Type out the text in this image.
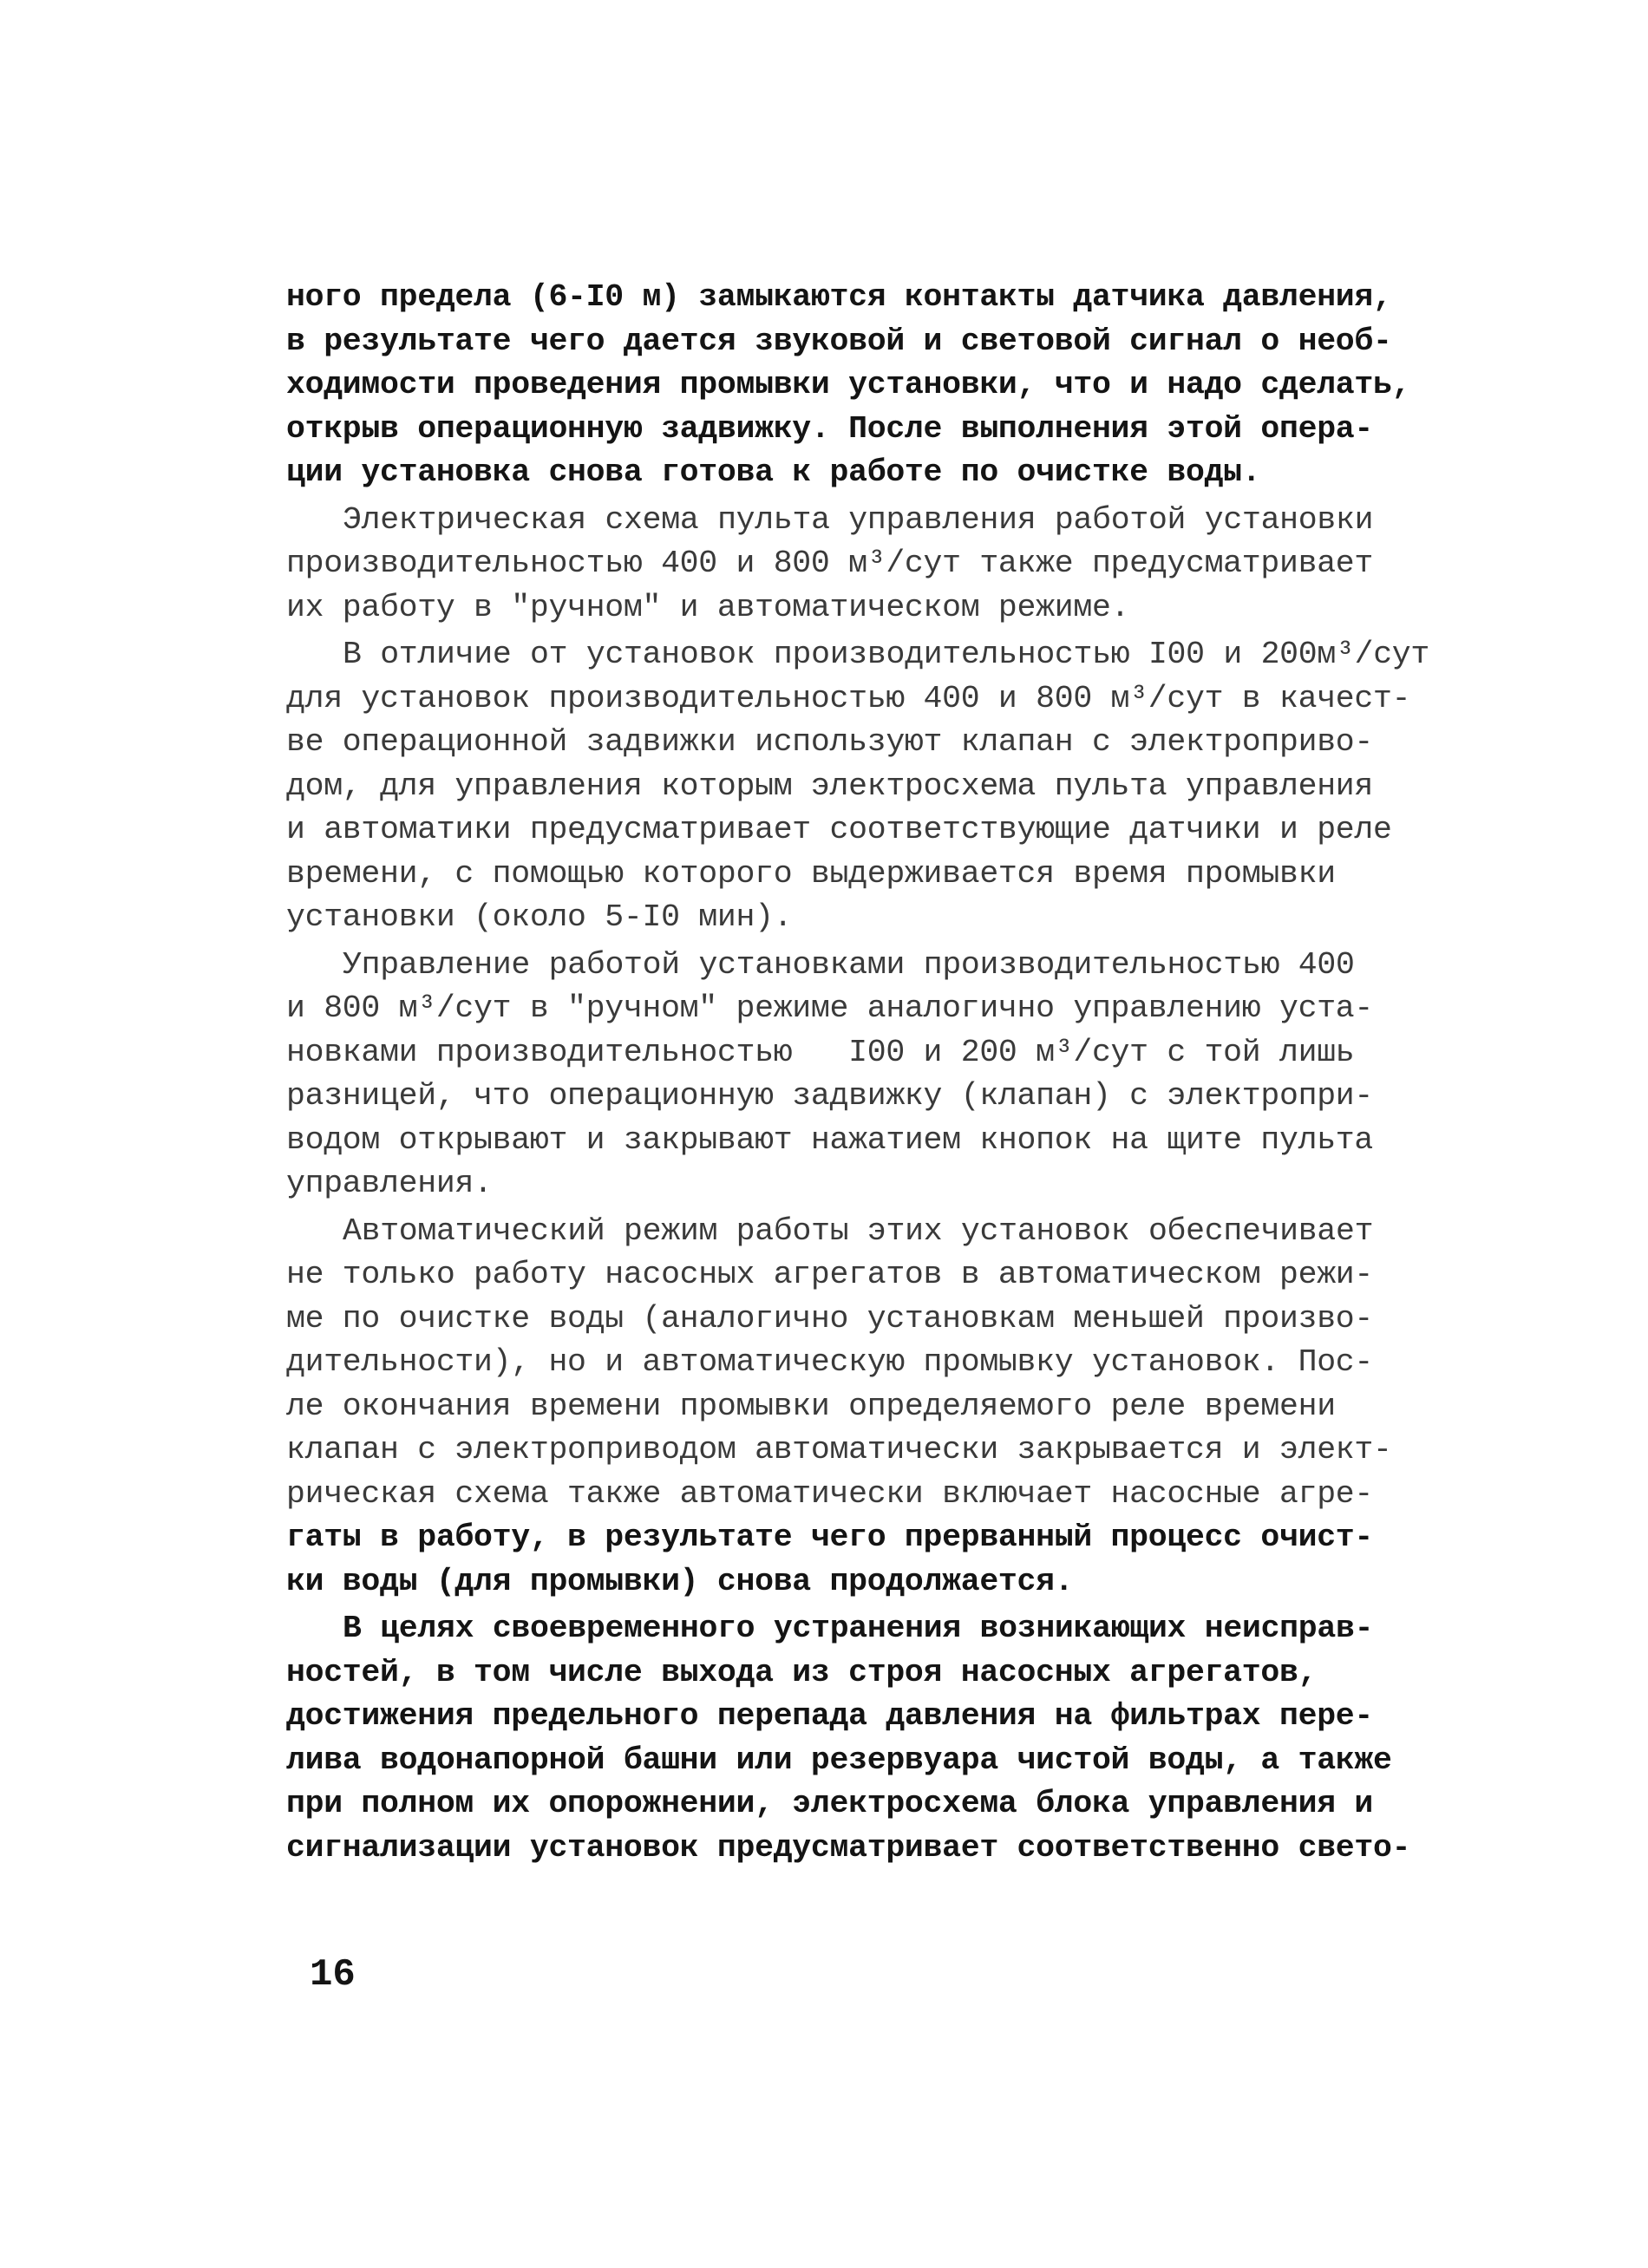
ного предела (6-I0 м) замыкаются контакты датчика давления,
в результате чего дается звуковой и световой сигнал о необ-
ходимости проведения промывки установки, что и надо сделать,
открыв операционную задвижку. После выполнения этой опера-
ции установка снова готова к работе по очистке воды.
Электрическая схема пульта управления работой установки
производительностью 400 и 800 м³/сут также предусматривает
их работу в "ручном" и автоматическом режиме.
В отличие от установок производительностью I00 и 200м³/сут
для установок производительностью 400 и 800 м³/сут в качест-
ве операционной задвижки используют клапан с электроприво-
дом, для управления которым электросхема пульта управления
и автоматики предусматривает соответствующие датчики и реле
времени, с помощью которого выдерживается время промывки
установки (около 5-I0 мин).
Управление работой установками производительностью 400
и 800 м³/сут в "ручном" режиме аналогично управлению уста-
новками производительностью   I00 и 200 м³/сут с той лишь
разницей, что операционную задвижку (клапан) с электропри-
водом открывают и закрывают нажатием кнопок на щите пульта
управления.
Автоматический режим работы этих установок обеспечивает
не только работу насосных агрегатов в автоматическом режи-
ме по очистке воды (аналогично установкам меньшей произво-
дительности), но и автоматическую промывку установок. Пос-
ле окончания времени промывки определяемого реле времени
клапан с электроприводом автоматически закрывается и элект-
рическая схема также автоматически включает насосные агре-
гаты в работу, в результате чего прерванный процесс очист-
ки воды (для промывки) снова продолжается.
В целях своевременного устранения возникающих неисправ-
ностей, в том числе выхода из строя насосных агрегатов,
достижения предельного перепада давления на фильтрах пере-
лива водонапорной башни или резервуара чистой воды, а также
при полном их опорожнении, электросхема блока управления и
сигнализации установок предусматривает соответственно свето-
16
